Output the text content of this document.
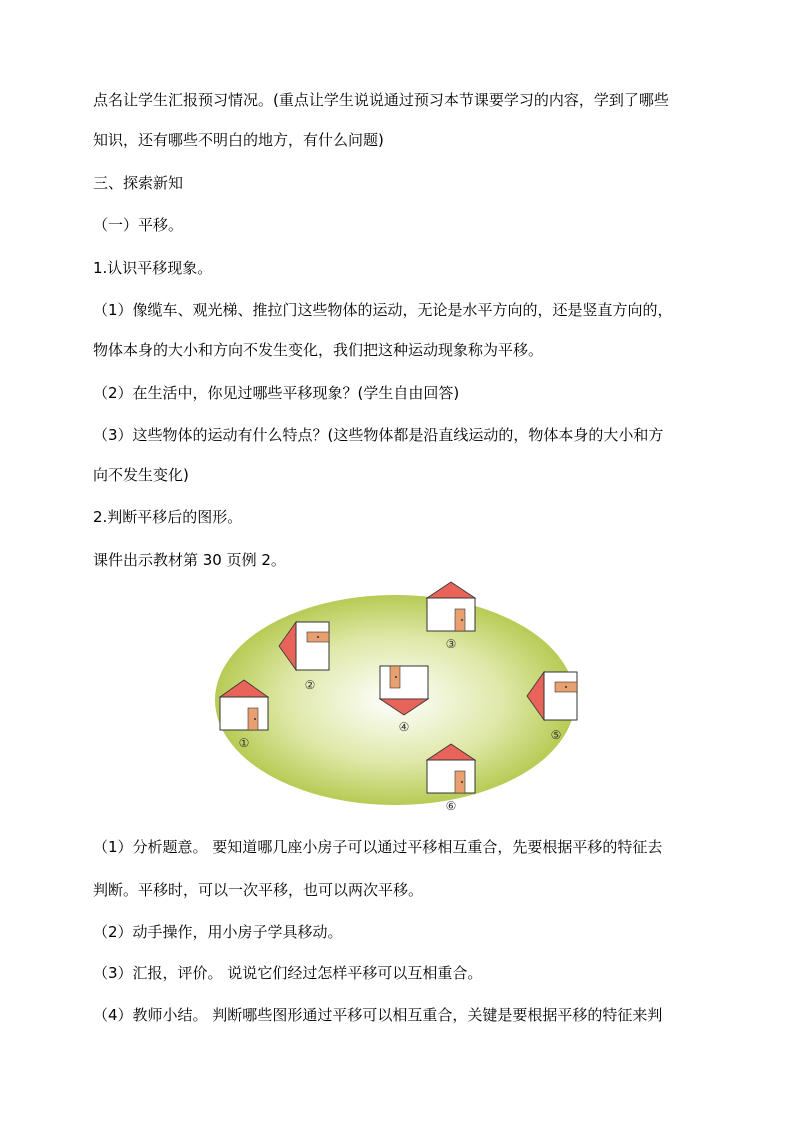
点名让学生汇报预习情况。(重点让学生说说通过预习本节课要学习的内容，学到了哪些
知识，还有哪些不明白的地方，有什么问题)
三、探索新知
（一）平移。
1.认识平移现象。
（1）像缆车、观光梯、推拉门这些物体的运动，无论是水平方向的，还是竖直方向的，
物体本身的大小和方向不发生变化，我们把这种运动现象称为平移。
（2）在生活中，你见过哪些平移现象？(学生自由回答)
（3）这些物体的运动有什么特点？(这些物体都是沿直线运动的，物体本身的大小和方
向不发生变化)
2.判断平移后的图形。
课件出示教材第 30 页例 2。
①
②
③
④
⑤
⑥
（1）分析题意。 要知道哪几座小房子可以通过平移相互重合，先要根据平移的特征去
判断。平移时，可以一次平移，也可以两次平移。
（2）动手操作，用小房子学具移动。
（3）汇报，评价。 说说它们经过怎样平移可以互相重合。
（4）教师小结。 判断哪些图形通过平移可以相互重合，关键是要根据平移的特征来判
